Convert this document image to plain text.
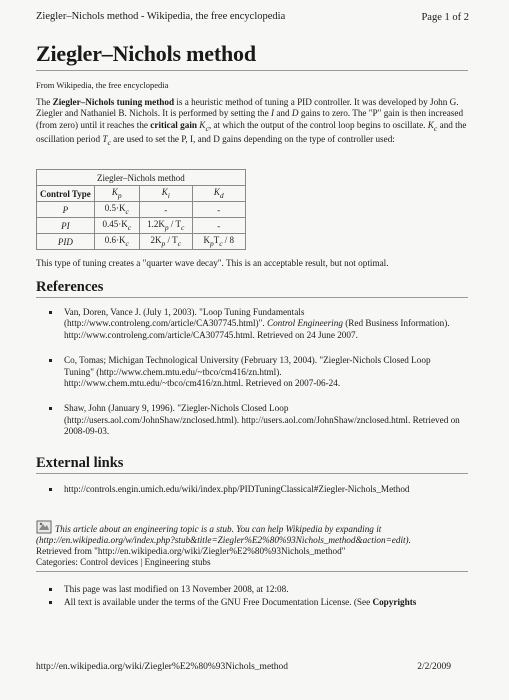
Ziegler–Nichols method - Wikipedia, the free encyclopedia	Page 1 of 2
Ziegler–Nichols method
From Wikipedia, the free encyclopedia

The Ziegler–Nichols tuning method is a heuristic method of tuning a PID controller. It was developed by John G. Ziegler and Nathaniel B. Nichols. It is performed by setting the I and D gains to zero. The "P" gain is then increased (from zero) until it reaches the critical gain $K_c$, at which the output of the control loop begins to oscillate. $K_c$ and the oscillation period $T_c$ are used to set the P, I, and D gains depending on the type of controller used:

Ziegler–Nichols method			
Control Type	$K_p$	$K_i$	$K_d$
P	$0.5\cdot K_c$	-	-
PI	$0.45\cdot K_c$	$1.2K_p / T_c$	-
PID	$0.6\cdot K_c$	$2K_p / T_c$	$K_pT_c / 8$
This type of tuning creates a "quarter wave decay". This is an acceptable result, but not optimal.
References
Van, Doren, Vance J. (July 1, 2003). "Loop Tuning Fundamentals (http://www.controleng.com/article/CA307745.html)". Control Engineering (Red Business Information). http://www.controleng.com/article/CA307745.html. Retrieved on 24 June 2007.
Co, Tomas; Michigan Technological University (February 13, 2004). "Ziegler-Nichols Closed Loop Tuning" (http://www.chem.mtu.edu/~tbco/cm416/zn.html). http://www.chem.mtu.edu/~tbco/cm416/zn.html. Retrieved on 2007-06-24.
Shaw, John (January 9, 1996). "Ziegler-Nichols Closed Loop (http://users.aol.com/JohnShaw/znclosed.html). http://users.aol.com/JohnShaw/znclosed.html. Retrieved on 2008-09-03.
External links
http://controls.engin.umich.edu/wiki/index.php/PIDTuningClassical#Ziegler-Nichols_Method
This article about an engineering topic is a stub. You can help Wikipedia by expanding it (http://en.wikipedia.org/w/index.php?stub&title=Ziegler%E2%80%93Nichols_method&action=edit).
Retrieved from "http://en.wikipedia.org/wiki/Ziegler%E2%80%93Nichols_method"
Categories: Control devices | Engineering stubs
This page was last modified on 13 November 2008, at 12:08.
All text is available under the terms of the GNU Free Documentation License. (See Copyrights
http://en.wikipedia.org/wiki/Ziegler%E2%80%93Nichols_method	2/2/2009
